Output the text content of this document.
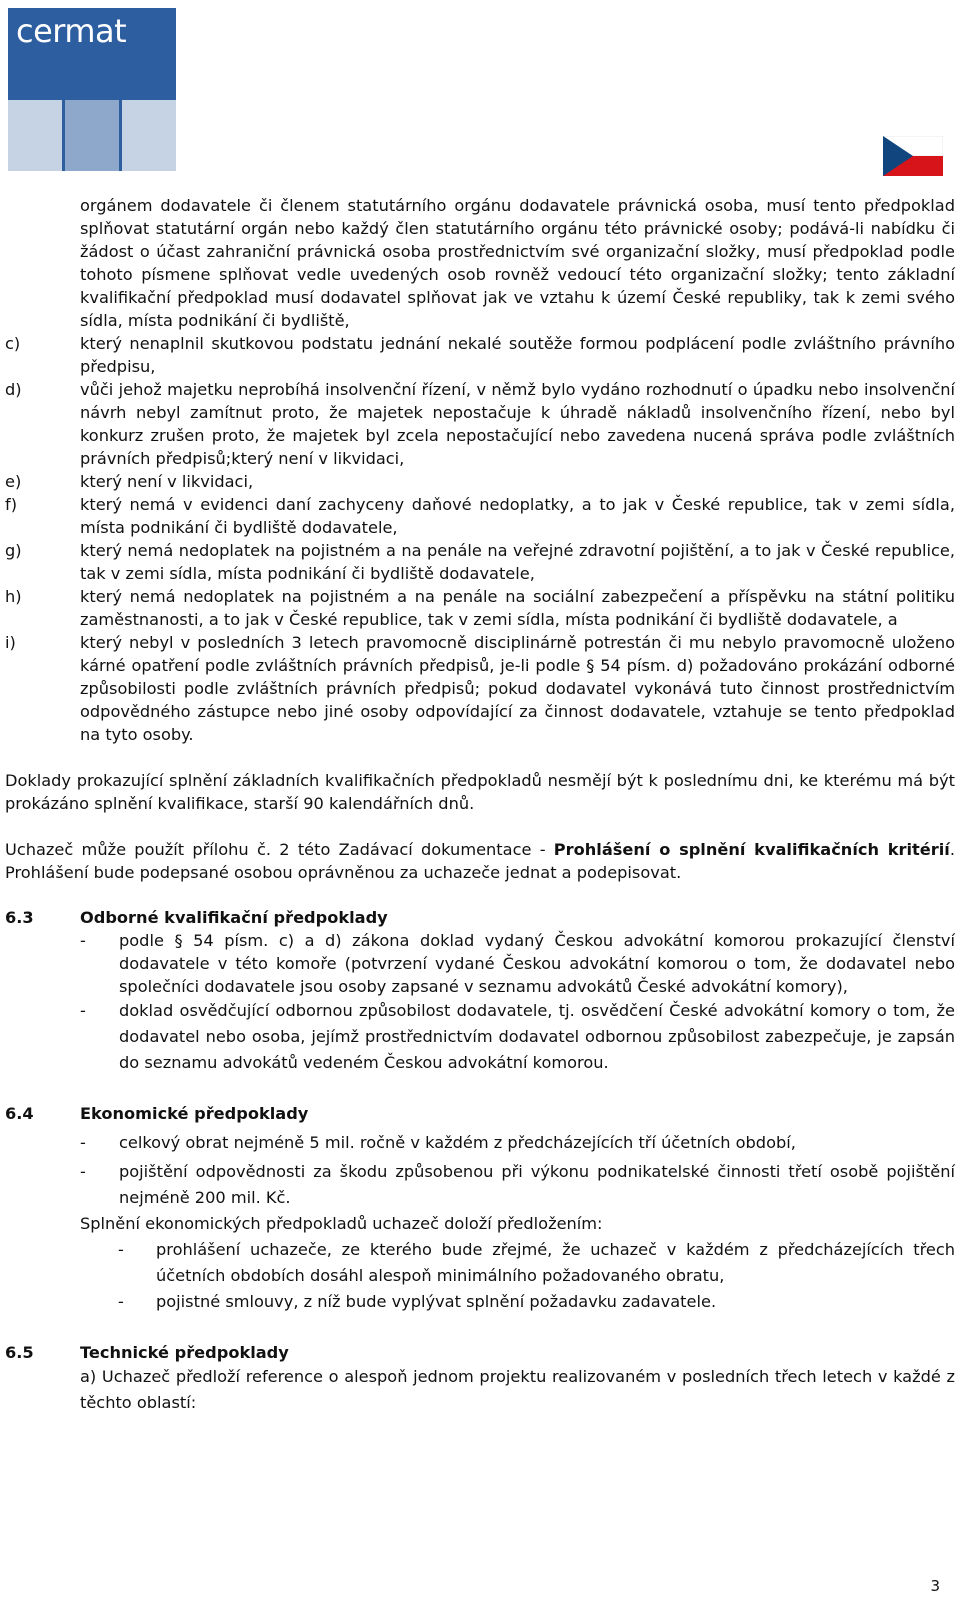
cermat
orgánem dodavatele či členem statutárního orgánu dodavatele právnická osoba, musí tento předpoklad splňovat statutární orgán nebo každý člen statutárního orgánu této právnické osoby; podává-li nabídku či žádost o účast zahraniční právnická osoba prostřednictvím své organizační složky, musí předpoklad podle tohoto písmene splňovat vedle uvedených osob rovněž vedoucí této organizační složky; tento základní kvalifikační předpoklad musí dodavatel splňovat jak ve vztahu k území České republiky, tak k zemi svého sídla, místa podnikání či bydliště,
c)	který nenaplnil skutkovou podstatu jednání nekalé soutěže formou podplácení podle zvláštního právního předpisu,
d)	vůči jehož majetku neprobíhá insolvenční řízení, v němž bylo vydáno rozhodnutí o úpadku nebo insolvenční návrh nebyl zamítnut proto, že majetek nepostačuje k úhradě nákladů insolvenčního řízení, nebo byl konkurz zrušen proto, že majetek byl zcela nepostačující nebo zavedena nucená správa podle zvláštních právních předpisů;který není v likvidaci,
e)	který není v likvidaci,
f)	který nemá v evidenci daní zachyceny daňové nedoplatky, a to jak v České republice, tak v zemi sídla, místa podnikání či bydliště dodavatele,
g)	který nemá nedoplatek na pojistném a na penále na veřejné zdravotní pojištění, a to jak v České republice, tak v zemi sídla, místa podnikání či bydliště dodavatele,
h)	který nemá nedoplatek na pojistném a na penále na sociální zabezpečení a příspěvku na státní politiku zaměstnanosti, a to jak v České republice, tak v zemi sídla, místa podnikání či bydliště dodavatele, a
i)	který nebyl v posledních 3 letech pravomocně disciplinárně potrestán či mu nebylo pravomocně uloženo kárné opatření podle zvláštních právních předpisů, je-li podle § 54 písm. d) požadováno prokázání odborné způsobilosti podle zvláštních právních předpisů; pokud dodavatel vykonává tuto činnost prostřednictvím odpovědného zástupce nebo jiné osoby odpovídající za činnost dodavatele, vztahuje se tento předpoklad na tyto osoby.
Doklady prokazující splnění základních kvalifikačních předpokladů nesmějí být k poslednímu dni, ke kterému má být prokázáno splnění kvalifikace, starší 90 kalendářních dnů.
Uchazeč může použít přílohu č. 2 této Zadávací dokumentace - Prohlášení o splnění kvalifikačních kritérií. Prohlášení bude podepsané osobou oprávněnou za uchazeče jednat a podepisovat.
6.3	Odborné kvalifikační předpoklady
-	podle § 54 písm. c) a d) zákona doklad vydaný Českou advokátní komorou prokazující členství dodavatele v této komoře (potvrzení vydané Českou advokátní komorou o tom, že dodavatel nebo společníci dodavatele jsou osoby zapsané v seznamu advokátů České advokátní komory),
-	doklad osvědčující odbornou způsobilost dodavatele, tj. osvědčení České advokátní komory o tom, že dodavatel nebo osoba, jejímž prostřednictvím dodavatel odbornou způsobilost zabezpečuje, je zapsán do seznamu advokátů vedeném Českou advokátní komorou.
6.4	Ekonomické předpoklady
-	celkový obrat nejméně 5 mil. ročně v každém z předcházejících tří účetních období,
-	pojištění odpovědnosti za škodu způsobenou při výkonu podnikatelské činnosti třetí osobě pojištění nejméně 200 mil. Kč.
Splnění ekonomických předpokladů uchazeč doloží předložením:
-	prohlášení uchazeče, ze kterého bude zřejmé, že uchazeč v každém z předcházejících třech účetních obdobích dosáhl alespoň minimálního požadovaného obratu,
-	pojistné smlouvy, z níž bude vyplývat splnění požadavku zadavatele.
6.5	Technické předpoklady
a) Uchazeč předloží reference o alespoň jednom projektu realizovaném v posledních třech letech v každé z těchto oblastí:
3
